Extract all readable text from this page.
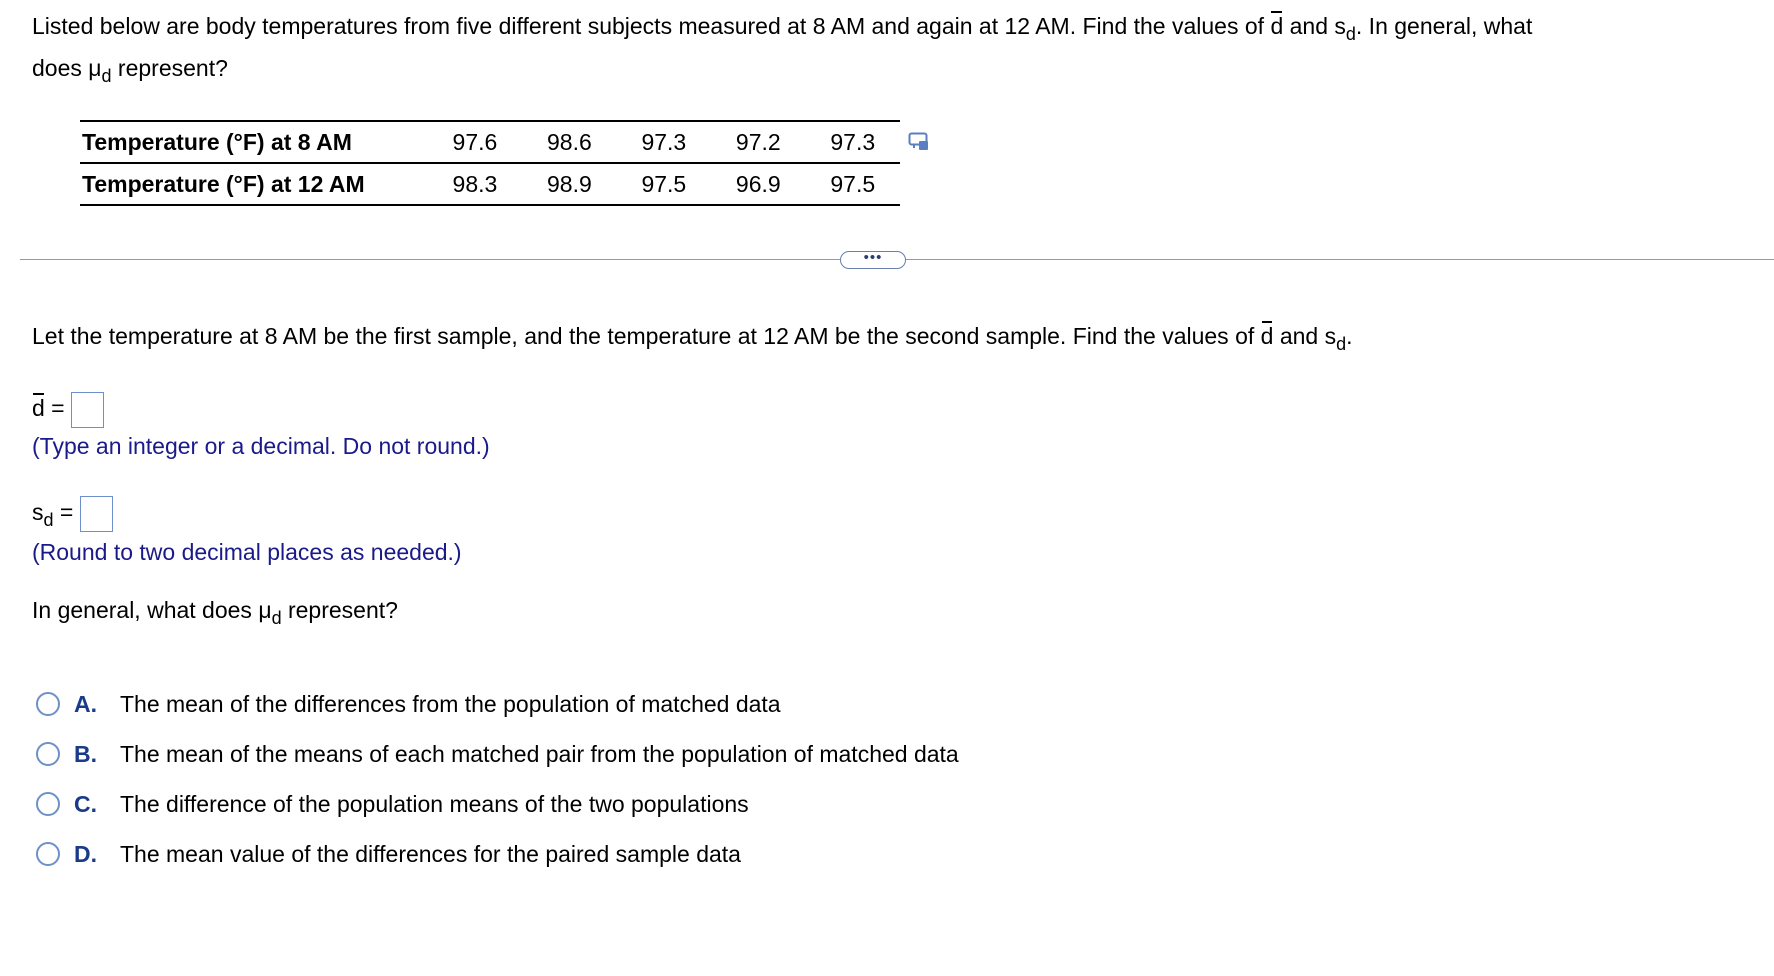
Listed below are body temperatures from five different subjects measured at 8 AM and again at 12 AM. Find the values of d and $s_d$. In general, what
does $\mu_d$ represent?
Temperature (°F) at 8 AM	97.6	98.6	97.3	97.2	97.3
Temperature (°F) at 12 AM	98.3	98.9	97.5	96.9	97.5
•••
Let the temperature at 8 AM be the first sample, and the temperature at 12 AM be the second sample. Find the values of d and $s_d$.
d =
(Type an integer or a decimal. Do not round.)
$s_d$ =
(Round to two decimal places as needed.)
In general, what does $\mu_d$ represent?
A.	The mean of the differences from the population of matched data
B.	The mean of the means of each matched pair from the population of matched data
C.	The difference of the population means of the two populations
D.	The mean value of the differences for the paired sample data
